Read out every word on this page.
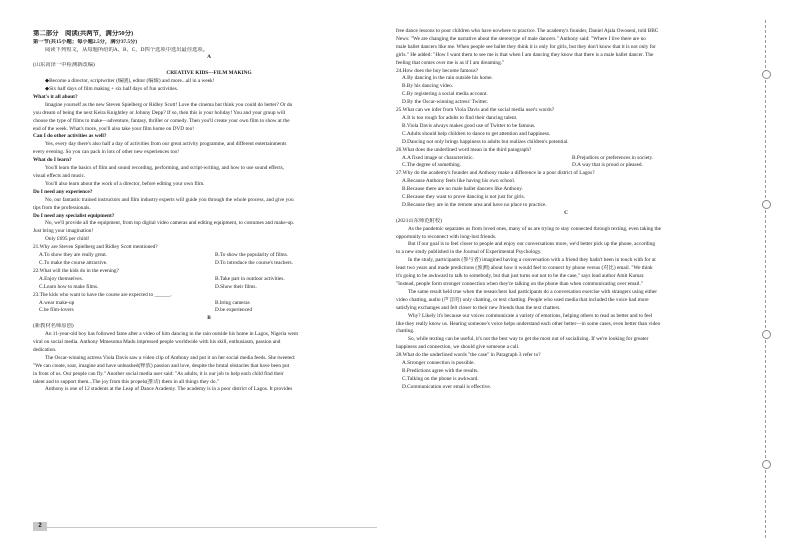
第二部分　阅读(共两节，满分50分)
第一节(共15小题；每小题2.5分，满分37.5分)
阅读下列短文，从每题所给的A、B、C、D四个选项中选出最佳选项。
A
(山东菏泽一中检测新改编)
CREATIVE KIDS—FILM MAKING
◆Become a director, scriptwriter (编剧), editor (编辑) and more...all in a week!
◆Six half days of film making + six half days of fun activities.
What's it all about?
Imagine yourself as the new Steven Spielberg or Ridley Scott! Love the cinema but think you could do better? Or do
you dream of being the next Keira Knightley or Johnny Depp? If so, then this is your holiday! You and your group will
choose the type of films to make—adventure, fantasy, thriller or comedy. Then you'll create your own film to show at the
end of the week. What's more, you'll also take your film home on DVD too!
Can I do other activities as well?
Yes, every day there's also half a day of activities from our great activity programme, and different entertainments
every evening. So you can pack in lots of other new experiences too!
What do I learn?
You'll learn the basics of film and sound recording, performing, and script-writing, and how to use sound effects,
visual effects and music.
You'll also learn about the work of a director, before editing your own film.
Do I need any experience?
No, our fantastic trained instructors and film industry experts will guide you through the whole process, and give you
tips from the professionals.
Do I need any specialist equipment?
No, we'll provide all the equipment, from top digital video cameras and editing equipment, to costumes and make-up.
Just bring your imagination!
Only £695 per child!
21.Why are Steven Spielberg and Ridley Scott mentioned?
A.To show they are really great.	B.To show the popularity of films.
C.To make the course attractive.	D.To introduce the course's teachers.
22.What will the kids do in the evening?
A.Enjoy themselves.	B.Take part in outdoor activities.
C.Learn how to make films.	D.Show their films.
23.The kids who want to have the course are expected to ______.
A.wear make-up	B.bring cameras
C.be film-lovers	D.be experienced
B
(新教材名师原创)
An 11-year-old boy has followed fame after a video of him dancing in the rain outside his home in Lagos, Nigeria went
viral on social media. Anthony Mmesoma Madu impressed people worldwide with his skill, enthusiasm, passion and
dedication.
The Oscar-winning actress Viola Davis saw a video clip of Anthony and put it on her social media feeds. She tweeted:
"We can create, soar, imagine and have unleashed(释放) passion and love, despite the brutal obstacles that have been put
in front of us. Our people can fly." Another social media user said: "As adults, it is our job to help each child find their
talent and to support them...The joy from this propels(推动) them in all things they do."
Anthony is one of 12 students at the Leap of Dance Academy. The academy is in a poor district of Lagos. It provides
free dance lessons to poor children who have nowhere to practice. The academy's founder, Daniel Ajala Owoseni, told BBC
News: "We are changing the narrative about the stereotype of male dancers." Anthony said: "Where I live there are no
male ballet dancers like me. When people see ballet they think it is only for girls, but they don't know that it is not only for
girls." He added: "How I want them to see me is that when I am dancing they know that there is a male ballet dancer. The
feeling that comes over me is as if I am dreaming."
24.How does the boy become famous?
A.By dancing in the rain outside his home.
B.By his dancing video.
C.By registering a social media account.
D.By the Oscar-winning actress' Twitter.
25.What can we infer from Viola Davis and the social media user's words?
A.It is too rough for adults to find their dancing talent.
B.Viola Davis always makes good use of Twitter to be famous.
C.Adults should help children to dance to get attention and happiness.
D.Dancing not only brings happiness to adults but realizes children's potential.
26.What does the underlined word mean in the third paragraph?
A.A fixed image or characteristic.	B.Prejudices or preferences in society.
C.The degree of something.	D.A way that is proud or pleased.
27.Why do the academy's founder and Anthony make a difference in a poor district of Lagos?
A.Because Anthony feels like having his own school.
B.Because there are no male ballet dancers like Anthony.
C.Because they want to prove dancing is not just for girls.
D.Because they are in the remote area and have no place to practice.
C
(2021山东师范附校)
As the pandemic separates us from loved ones, many of us are trying to stay connected through texting, even taking the
opportunity to reconnect with long-lost friends.
But if our goal is to feel closer to people and enjoy our conversations more, we'd better pick up the phone, according
to a new study published in the Journal of Experimental Psychology.
In the study, participants (参与者) imagined having a conversation with a friend they hadn't been in touch with for at
least two years and made predictions (预测) about how it would feel to connect by phone versus (对比) email. "We think
it's going to be awkward to talk to somebody, but that just turns out not to be the case," says lead author Amit Kumar.
"Instead, people form stronger connection when they're talking on the phone than when communicating over email."
The same result held true when the researchers had participants do a conversation exercise with strangers using either
video chatting, audio (声音的) only chatting, or text chatting. People who used media that included the voice had more
satisfying exchanges and felt closer to their new friends than the text chatters.
Why? Likely it's because our voices communicate a variety of emotions, helping others to read us better and to feel
like they really know us. Hearing someone's voice helps understand each other better—in some cases, even better than video
chatting.
So, while texting can be useful, it's not the best way to get the most out of socializing. If we're looking for greater
happiness and connection, we should give someone a call.
28.What do the underlined words "the case" in Paragraph 3 refer to?
A.Stronger connection is possible.
B.Predictions agree with the results.
C.Talking on the phone is awkward.
D.Communication over email is effective.
2
